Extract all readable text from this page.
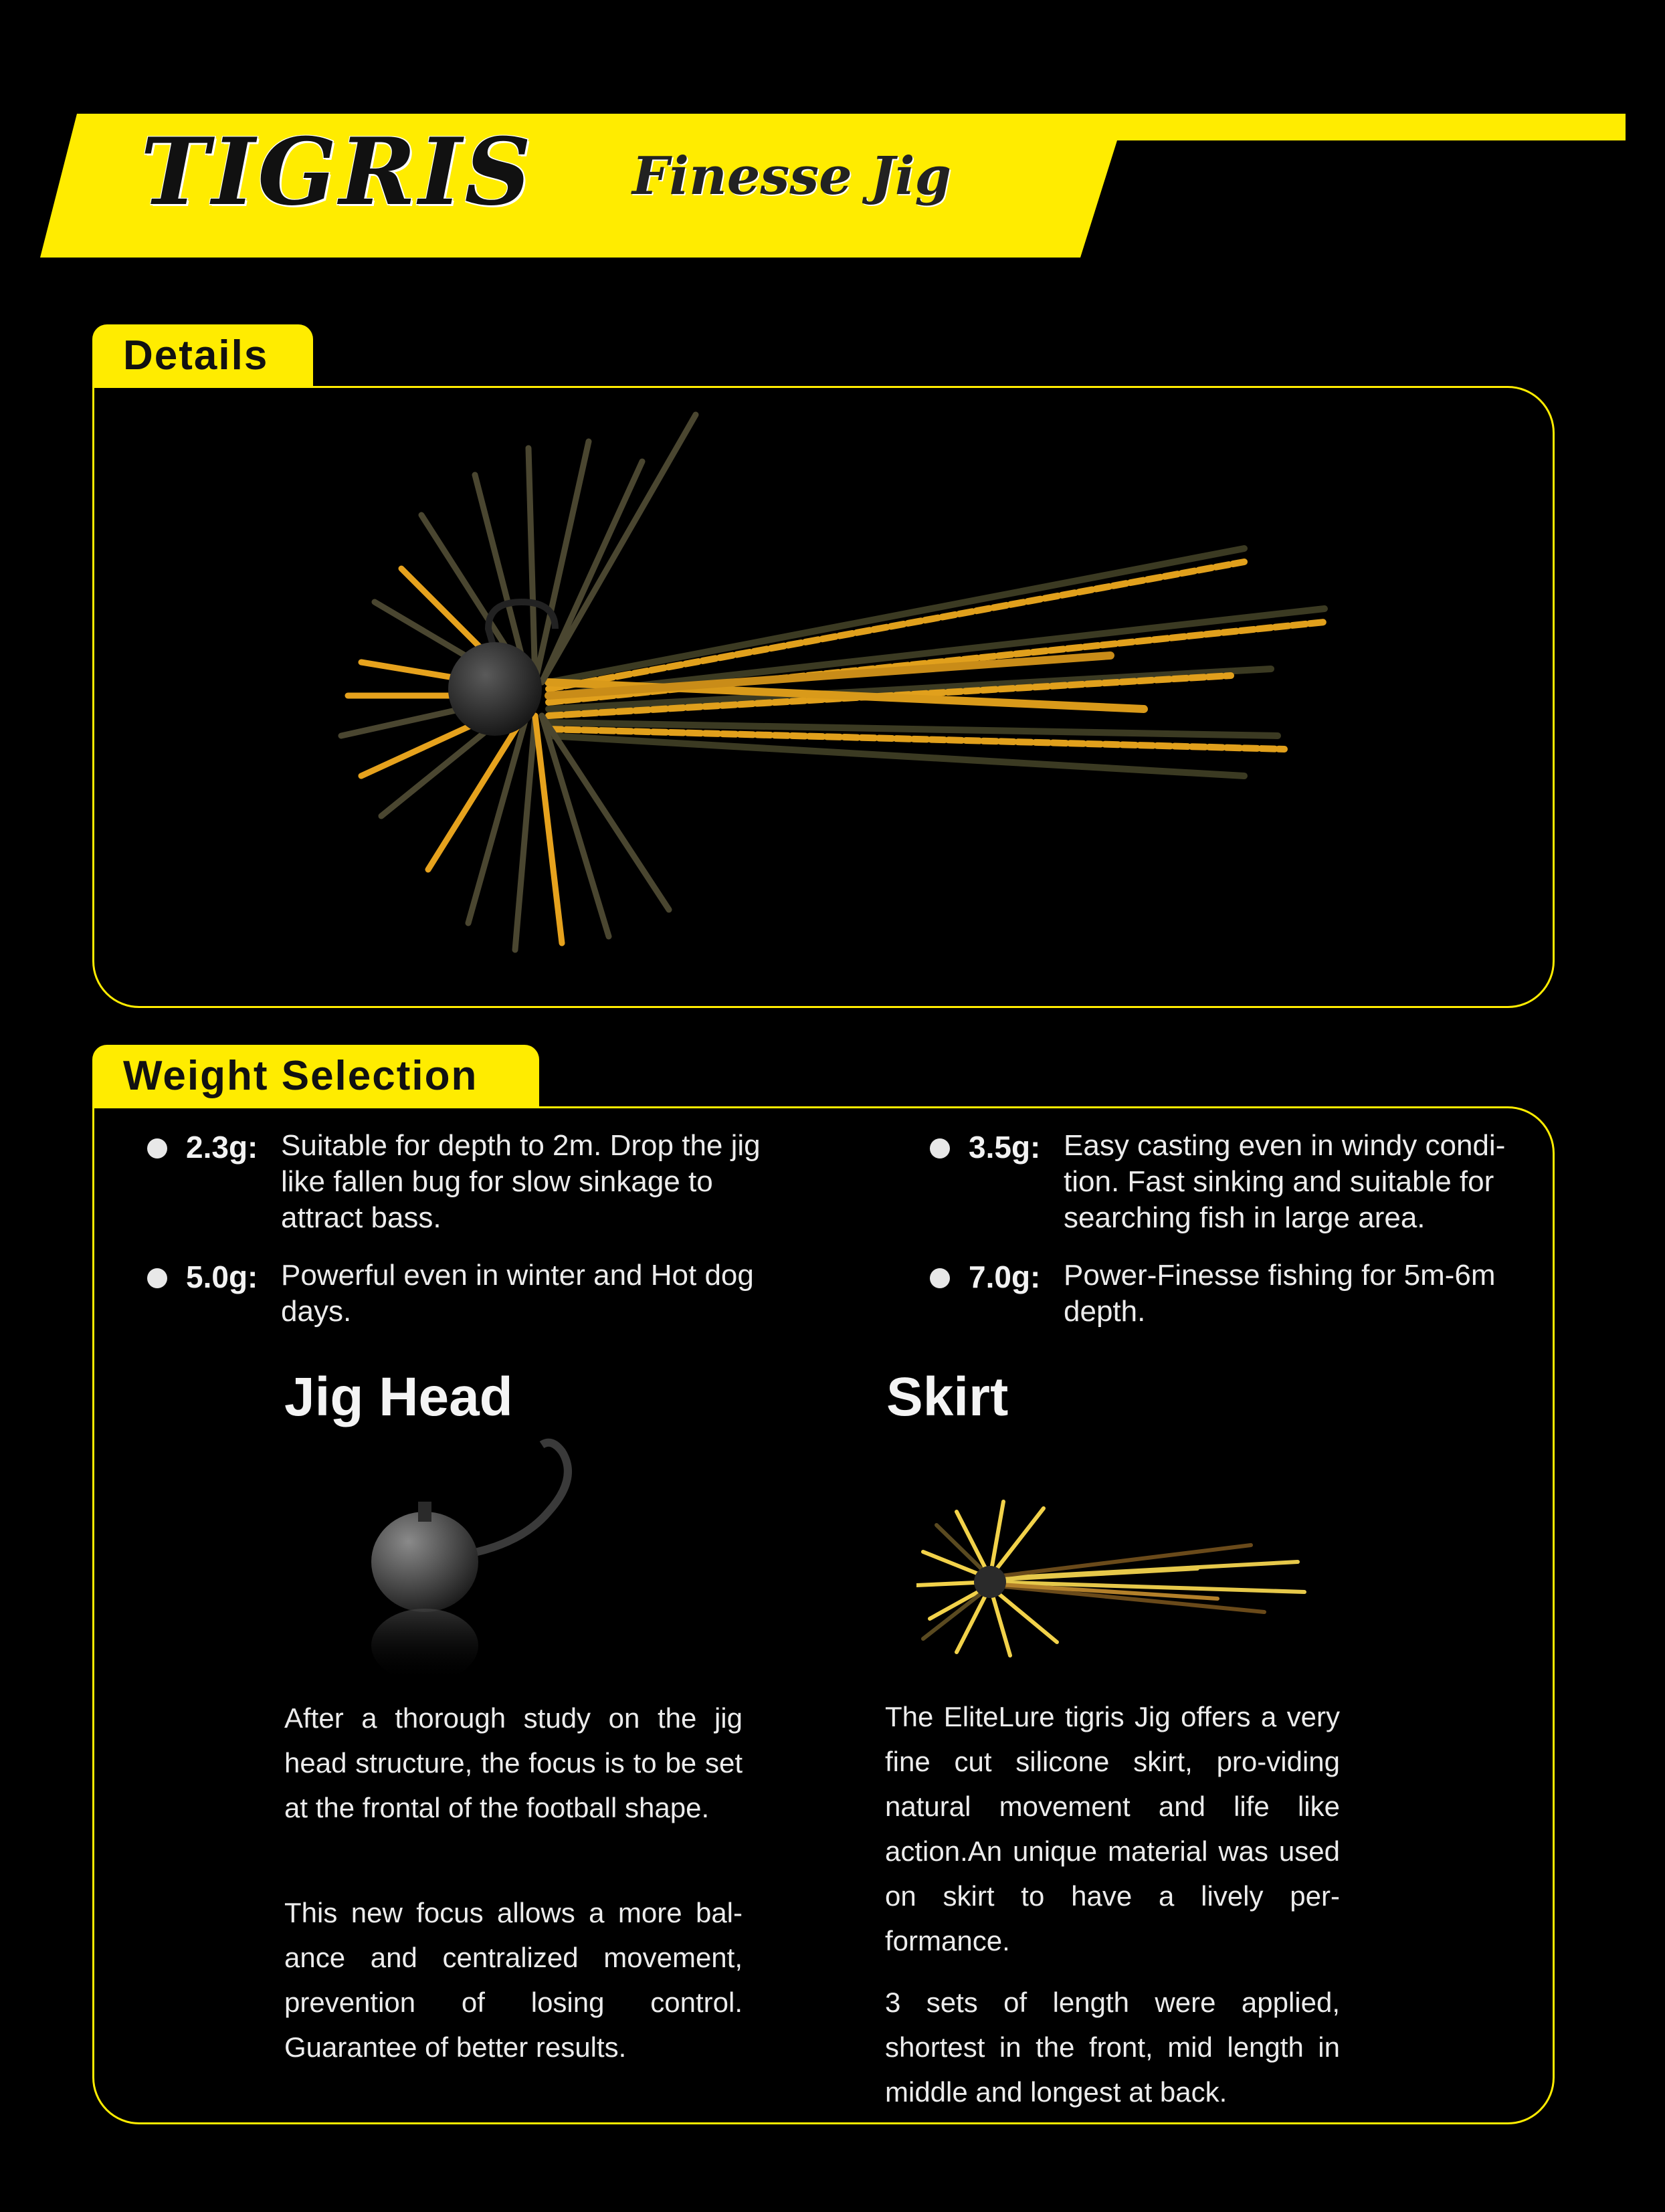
TIGRIS Finesse Jig
Details
Weight Selection
2.3g: Suitable for depth to 2m. Drop the jig like fallen bug for slow sinkage to attract bass.
3.5g: Easy casting even in windy condi-tion. Fast sinking and suitable for searching fish in large area.
5.0g: Powerful even in winter and Hot dog days.
7.0g: Power-Finesse fishing for 5m-6m depth.
Jig Head
After a thorough study on the jig head structure, the focus is to be set at the frontal of the football shape.
This new focus allows a more bal-ance and centralized movement, prevention of losing control. Guarantee of better results.
Skirt
The EliteLure tigris Jig offers a very fine cut silicone skirt, pro-viding natural movement and life like action.An unique material was used on skirt to have a lively per-formance.
3 sets of length were applied, shortest in the front, mid length in middle and longest at back.
